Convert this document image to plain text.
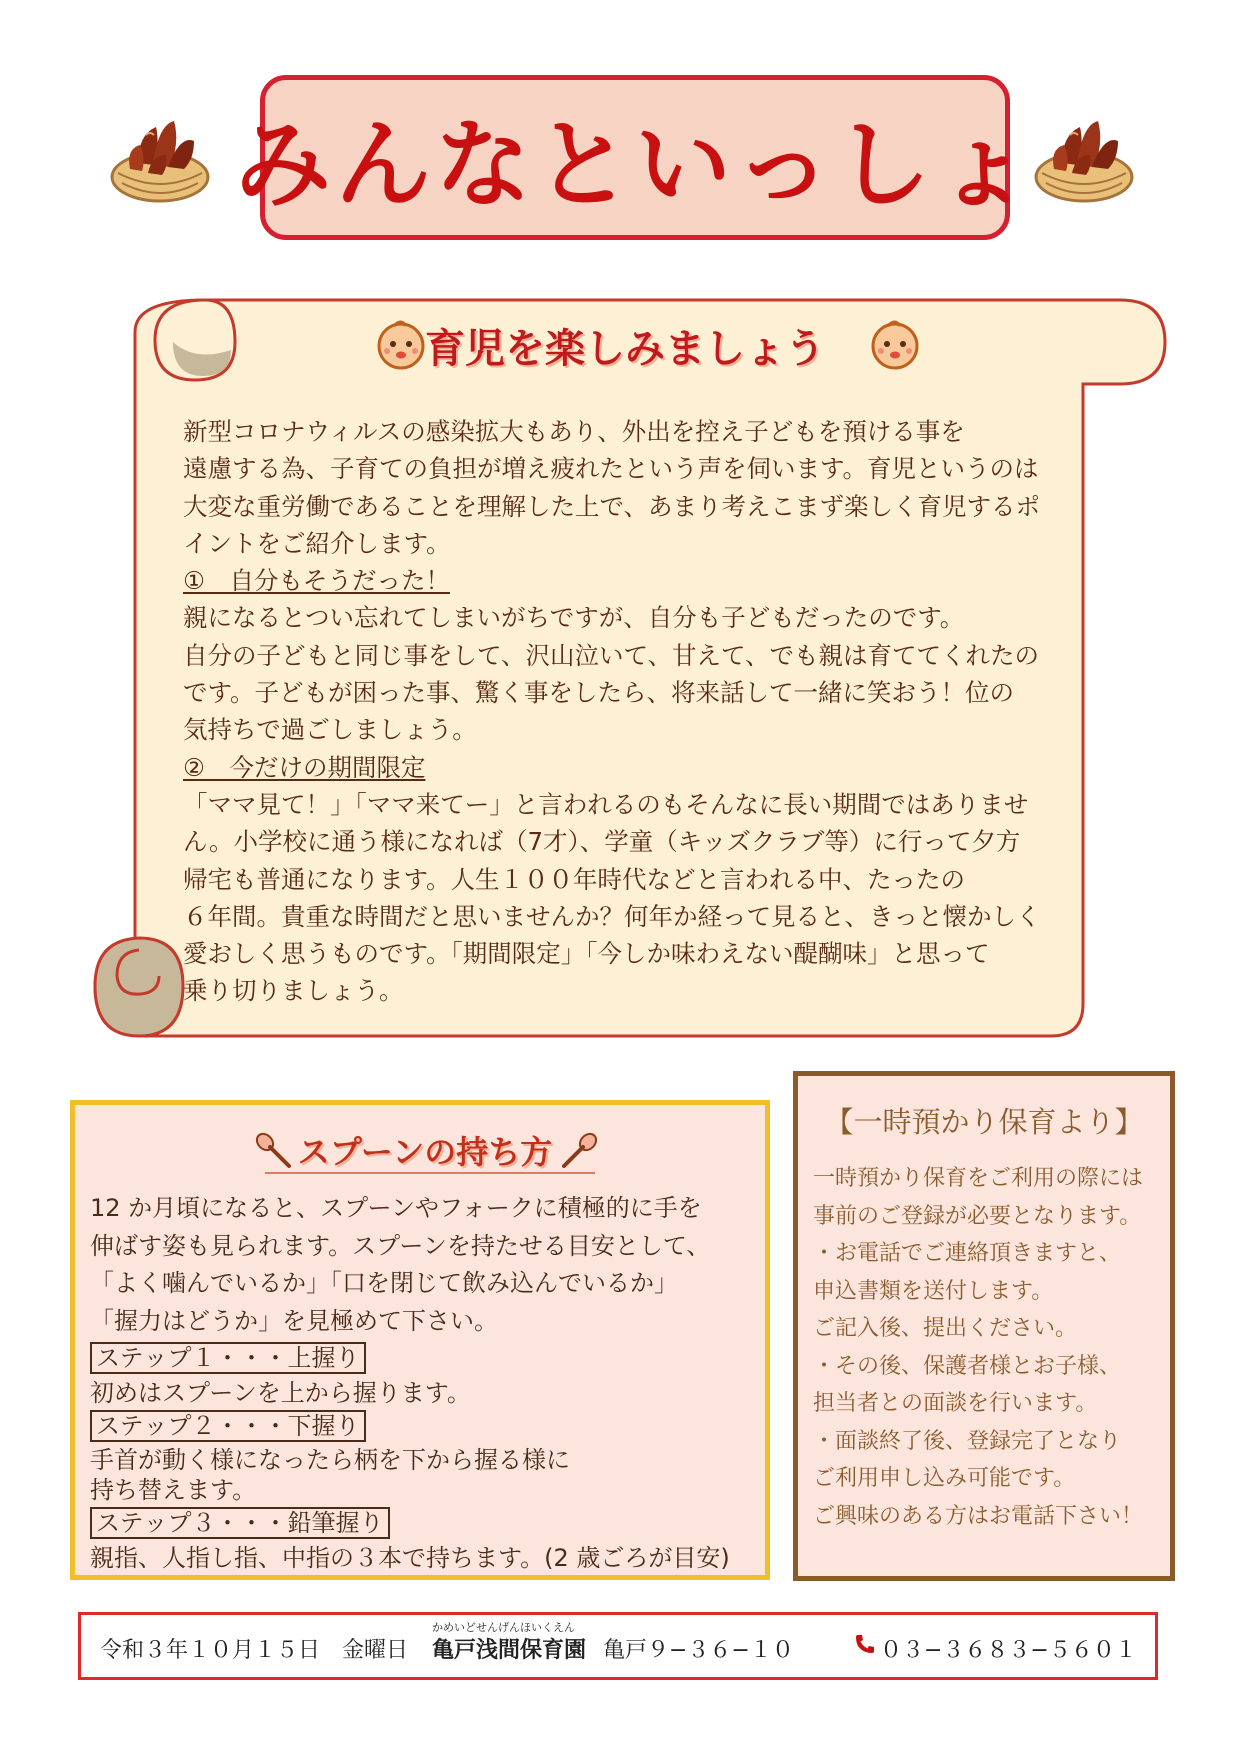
みんなといっしょ
育児を楽しみましょう

新型コロナウィルスの感染拡大もあり、外出を控え子どもを預ける事を

遠慮する為、子育ての負担が増え疲れたという声を伺います。育児というのは

大変な重労働であることを理解した上で、あまり考えこまず楽しく育児するポ

イントをご紹介します。

①　自分もそうだった！

親になるとつい忘れてしまいがちですが、自分も子どもだったのです。

自分の子どもと同じ事をして、沢山泣いて、甘えて、でも親は育ててくれたの

です。子どもが困った事、驚く事をしたら、将来話して一緒に笑おう！位の

気持ちで過ごしましょう。

②　今だけの期間限定

「ママ見て！」「ママ来てー」と言われるのもそんなに長い期間ではありませ

ん。小学校に通う様になれば（7才）、学童（キッズクラブ等）に行って夕方

帰宅も普通になります。人生１００年時代などと言われる中、たったの

６年間。貴重な時間だと思いませんか？何年か経って見ると、きっと懐かしく

愛おしく思うものです。「期間限定」「今しか味わえない醍醐味」と思って

乗り切りましょう。

スプーンの持ち方

12 か月頃になると、スプーンやフォークに積極的に手を

伸ばす姿も見られます。スプーンを持たせる目安として、

「よく噛んでいるか」「口を閉じて飲み込んでいるか」

「握力はどうか」を見極めて下さい。

ステップ１・・・上握り

初めはスプーンを上から握ります。

ステップ２・・・下握り

手首が動く様になったら柄を下から握る様に

持ち替えます。

ステップ３・・・鉛筆握り

親指、人指し指、中指の３本で持ちます。(2 歳ごろが目安)

【一時預かり保育より】

一時預かり保育をご利用の際には

事前のご登録が必要となります。

・お電話でご連絡頂きますと、

申込書類を送付します。

ご記入後、提出ください。

・その後、保護者様とお子様、

担当者との面談を行います。

・面談終了後、登録完了となり

ご利用申し込み可能です。

ご興味のある方はお電話下さい！

令和３年１０月１５日　金曜日
かめいどせんげんほいくえん
亀戸浅間保育園 亀戸９−３６−１０	０３−３６８３−５６０１
